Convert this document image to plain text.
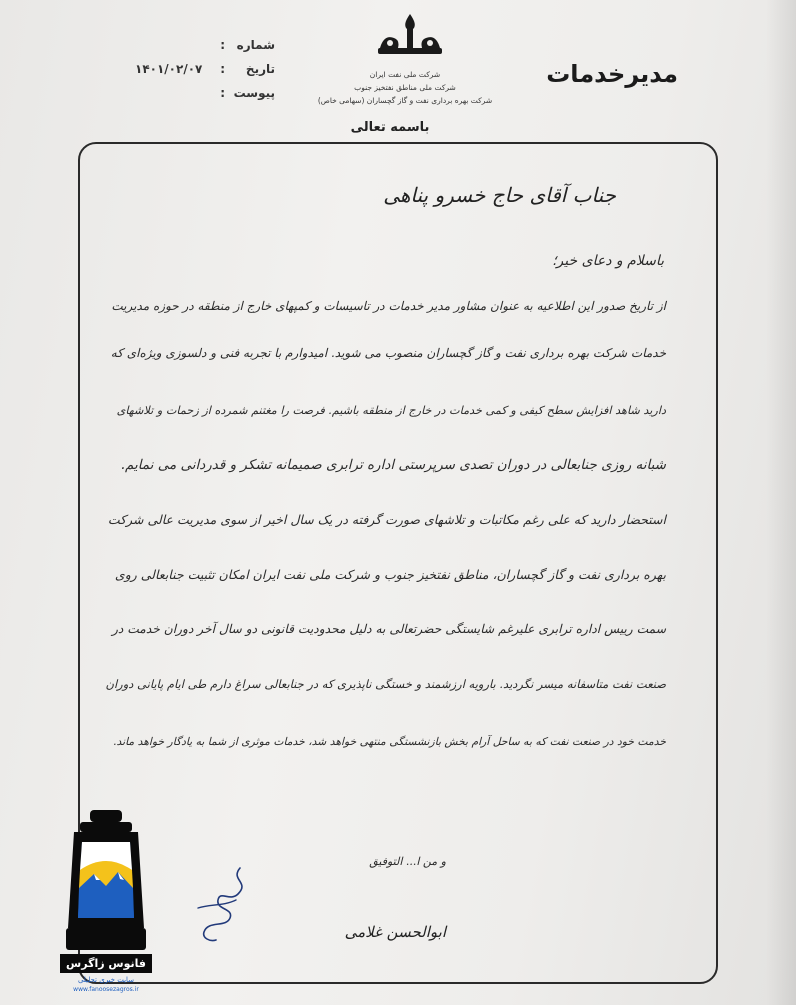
مدیرخدمات
شرکت ملی نفت ایران
شرکت ملی مناطق نفتخیز جنوب
شرکت بهره برداری نفت و گاز گچساران (سهامی خاص)
شماره
:
تاریخ
:
۱۴۰۱/۰۲/۰۷
پیوست
:
باسمه تعالی
جناب آقای حاج خسرو پناهی
باسلام و دعای خیر؛
از تاریخ صدور این اطلاعیه به عنوان مشاور مدیر خدمات در تاسیسات و کمپهای خارج از منطقه در حوزه مدیریت
خدمات شرکت بهره برداری نفت و گاز گچساران منصوب می شوید. امیدوارم با تجربه فنی و دلسوزی ویژه‌ای که
دارید شاهد افزایش سطح کیفی و کمی خدمات در خارج از منطقه باشیم. فرصت را مغتنم شمرده از زحمات و تلاشهای
شبانه روزی جنابعالی در دوران تصدی سرپرستی اداره ترابری صمیمانه تشکر و قدردانی می نمایم.
استحضار دارید که علی رغم مکاتبات و تلاشهای صورت گرفته در یک سال اخیر از سوی مدیریت عالی شرکت
بهره برداری نفت و گاز گچساران، مناطق نفتخیز جنوب و شرکت ملی نفت ایران امکان تثبیت جنابعالی روی
سمت رییس اداره ترابری علیرغم شایستگی حضرتعالی به دلیل محدودیت قانونی دو سال آخر دوران خدمت در
صنعت نفت متاسفانه میسر نگردید. بارویه ارزشمند و خستگی ناپذیری که در جنابعالی سراغ دارم طی ایام پایانی دوران
خدمت خود در صنعت نفت که به ساحل آرام بخش بازنشستگی منتهی خواهد شد، خدمات موثری از شما به یادگار خواهد ماند.
و من ا... التوفیق
ابوالحسن غلامی
فانوس زاگرس
سایت خبری تحلیلی
www.fanoosezagros.ir
